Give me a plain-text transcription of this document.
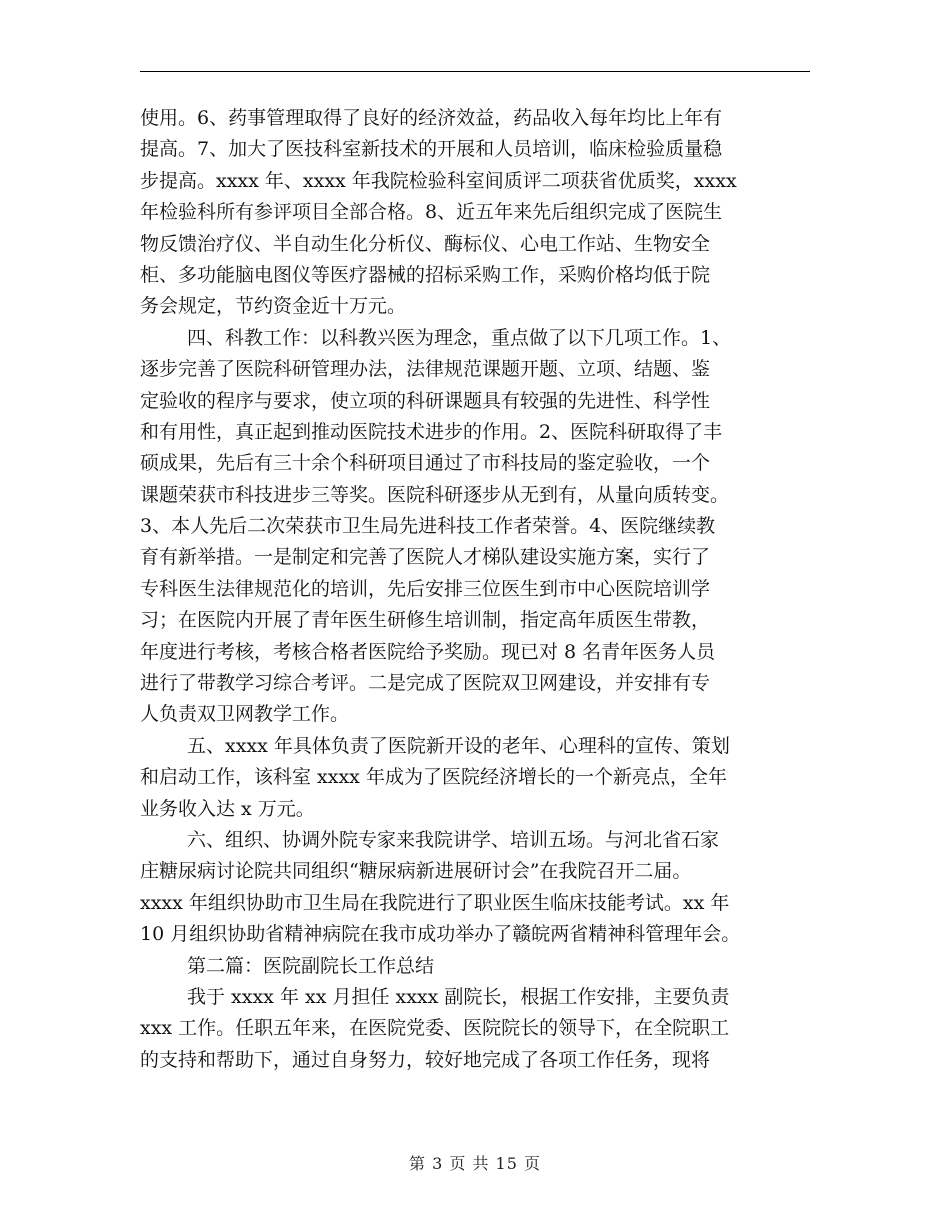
使用。6、药事管理取得了良好的经济效益，药品收入每年均比上年有
提高。7、加大了医技科室新技术的开展和人员培训，临床检验质量稳
步提高。xxxx 年、xxxx 年我院检验科室间质评二项获省优质奖，xxxx
年检验科所有参评项目全部合格。8、近五年来先后组织完成了医院生
物反馈治疗仪、半自动生化分析仪、酶标仪、心电工作站、生物安全
柜、多功能脑电图仪等医疗器械的招标采购工作，采购价格均低于院
务会规定，节约资金近十万元。
四、科教工作：以科教兴医为理念，重点做了以下几项工作。1、
逐步完善了医院科研管理办法，法律规范课题开题、立项、结题、鉴
定验收的程序与要求，使立项的科研课题具有较强的先进性、科学性
和有用性，真正起到推动医院技术进步的作用。2、医院科研取得了丰
硕成果，先后有三十余个科研项目通过了市科技局的鉴定验收，一个
课题荣获市科技进步三等奖。医院科研逐步从无到有，从量向质转变。
3、本人先后二次荣获市卫生局先进科技工作者荣誉。4、医院继续教
育有新举措。一是制定和完善了医院人才梯队建设实施方案，实行了
专科医生法律规范化的培训，先后安排三位医生到市中心医院培训学
习；在医院内开展了青年医生研修生培训制，指定高年质医生带教，
年度进行考核，考核合格者医院给予奖励。现已对 8 名青年医务人员
进行了带教学习综合考评。二是完成了医院双卫网建设，并安排有专
人负责双卫网教学工作。
五、xxxx 年具体负责了医院新开设的老年、心理科的宣传、策划
和启动工作，该科室 xxxx 年成为了医院经济增长的一个新亮点，全年
业务收入达 x 万元。
六、组织、协调外院专家来我院讲学、培训五场。与河北省石家
庄糖尿病讨论院共同组织“糖尿病新进展研讨会”在我院召开二届。
xxxx 年组织协助市卫生局在我院进行了职业医生临床技能考试。xx 年
10 月组织协助省精神病院在我市成功举办了赣皖两省精神科管理年会。
第二篇：医院副院长工作总结
我于 xxxx 年 xx 月担任 xxxx 副院长，根据工作安排，主要负责
xxx 工作。任职五年来，在医院党委、医院院长的领导下，在全院职工
的支持和帮助下，通过自身努力，较好地完成了各项工作任务，现将
第 3 页 共 15 页
